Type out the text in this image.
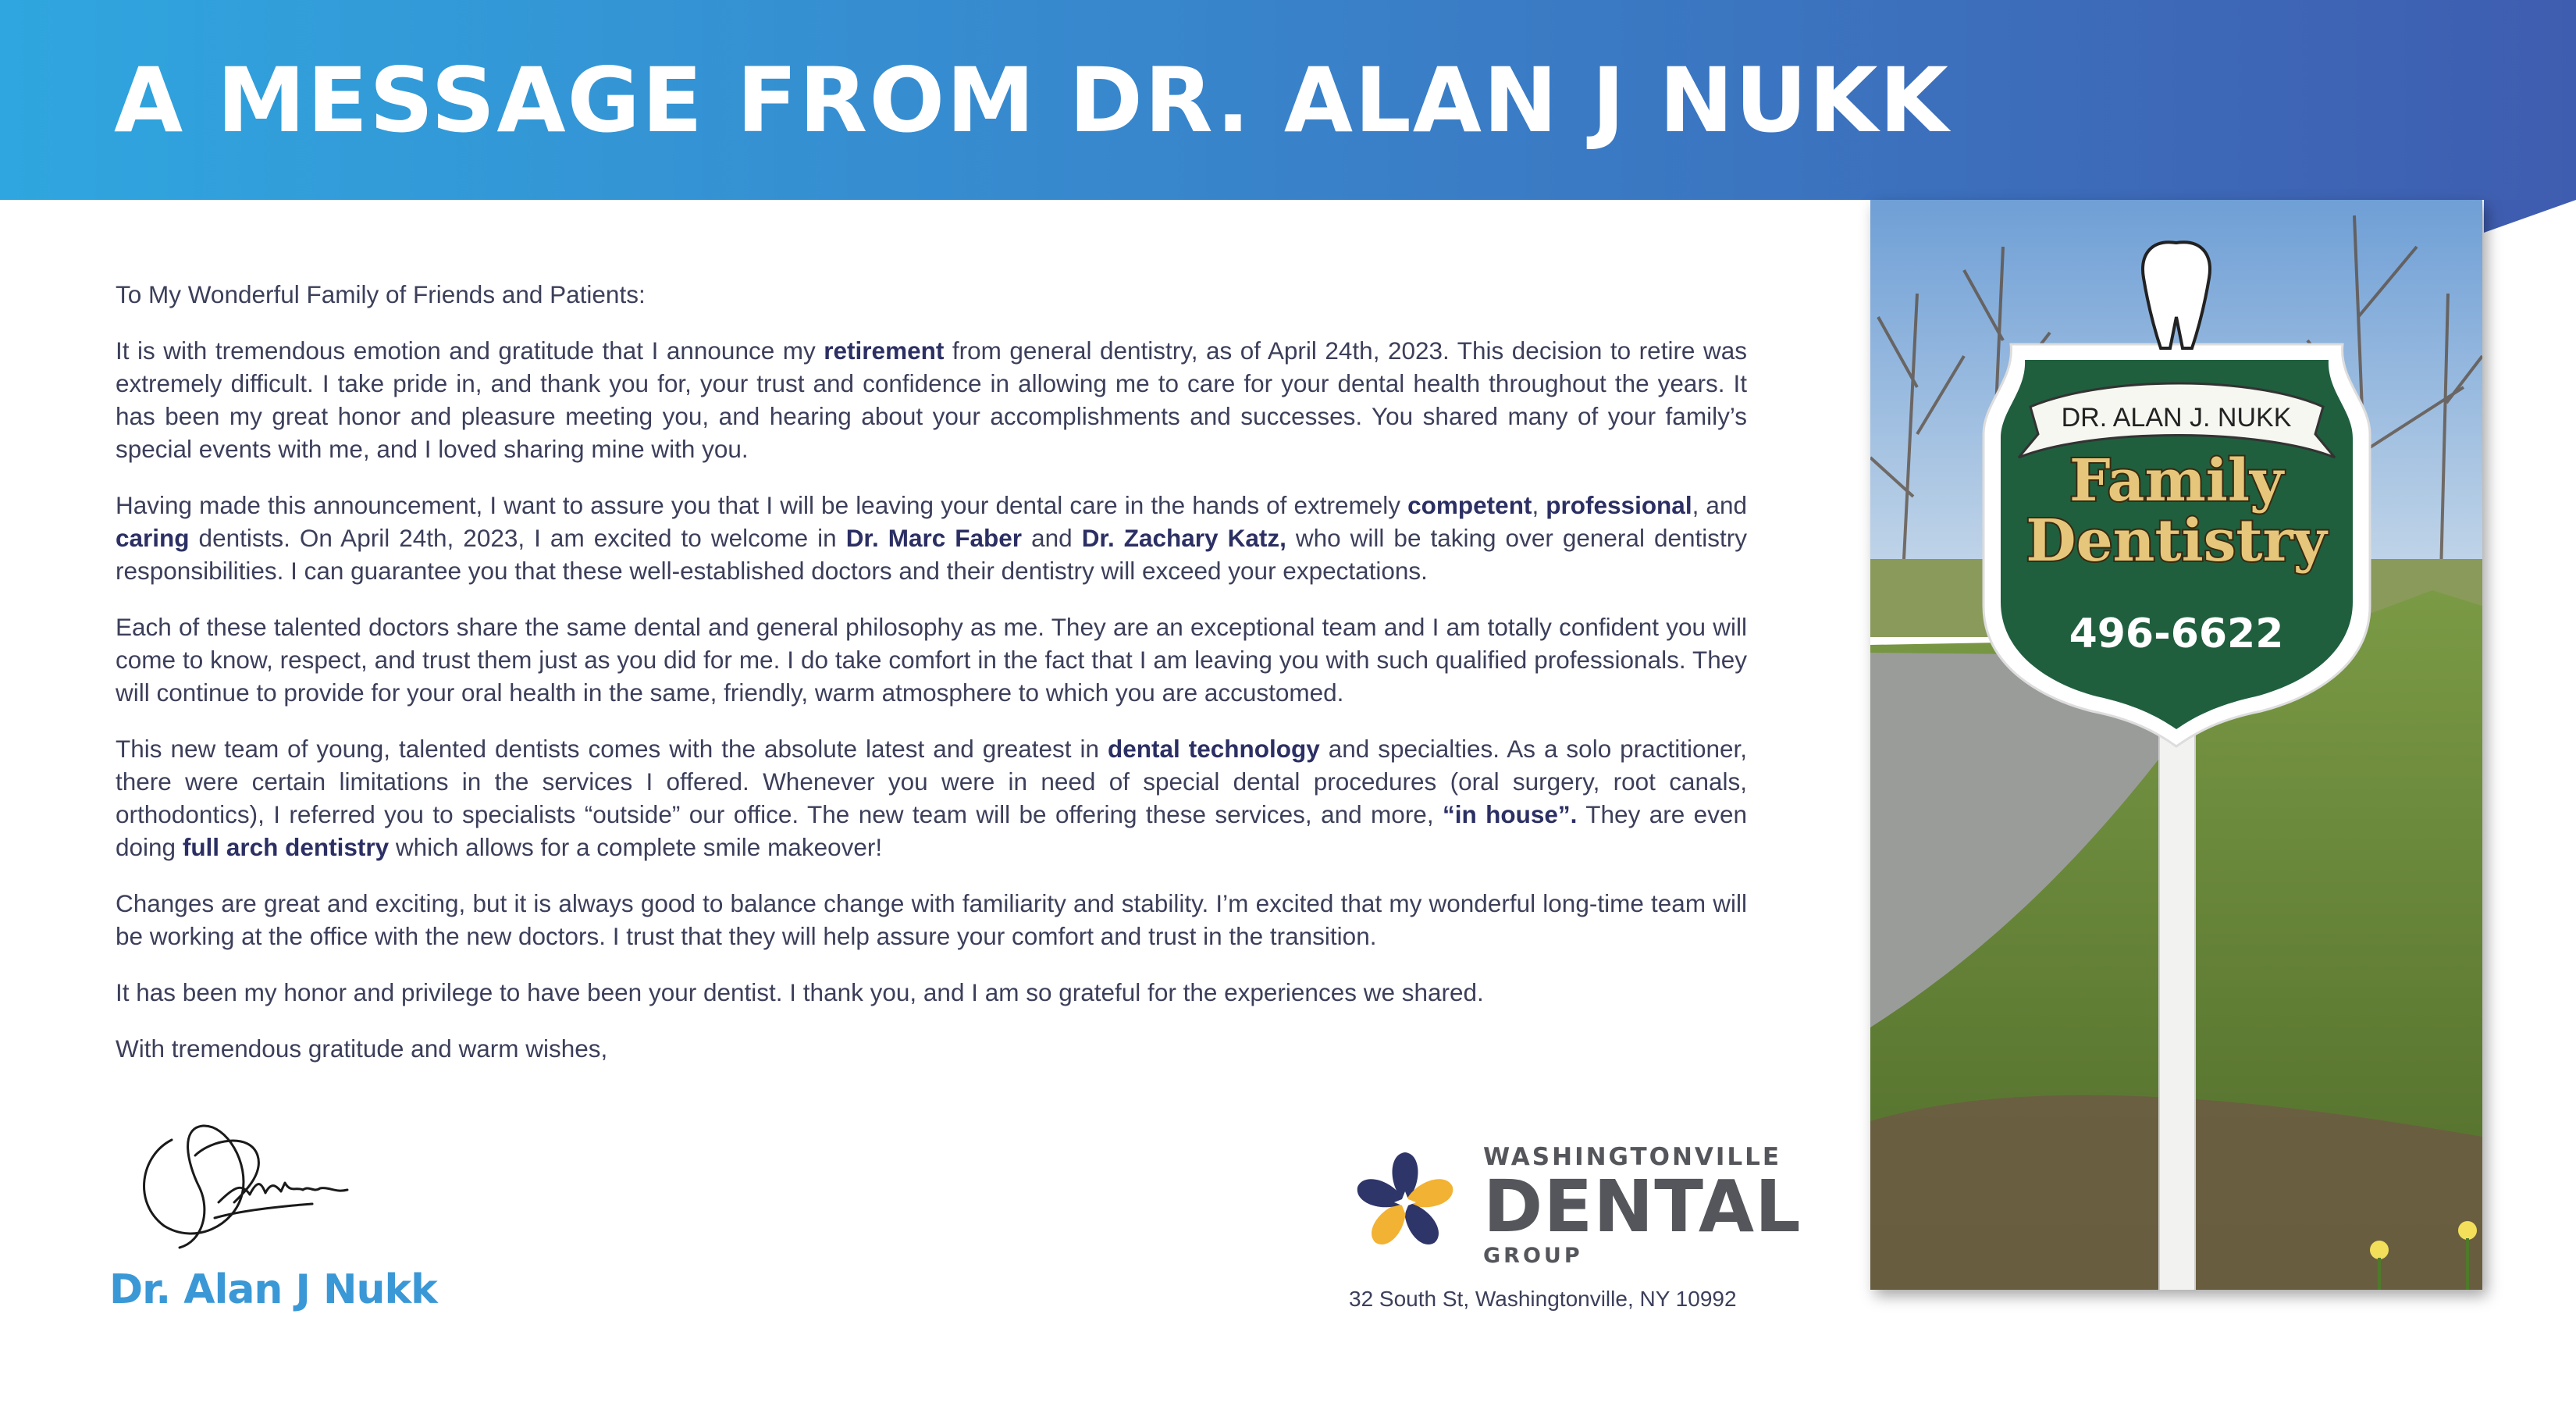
A MESSAGE FROM DR. ALAN J NUKK

To My Wonderful Family of Friends and Patients:

It is with tremendous emotion and gratitude that I announce my retirement from general dentistry, as of April 24th, 2023. This decision to retire was extremely difficult. I take pride in, and thank you for, your trust and confidence in allowing me to care for your dental health throughout the years. It has been my great honor and pleasure meeting you, and hearing about your accomplishments and successes. You shared many of your family’s special events with me, and I loved sharing mine with you.

Having made this announcement, I want to assure you that I will be leaving your dental care in the hands of extremely competent, professional, and caring dentists. On April 24th, 2023, I am excited to welcome in Dr. Marc Faber and Dr. Zachary Katz, who will be taking over general dentistry responsibilities. I can guarantee you that these well-established doctors and their dentistry will exceed your expectations.

Each of these talented doctors share the same dental and general philosophy as me. They are an exceptional team and I am totally confident you will come to know, respect, and trust them just as you did for me. I do take comfort in the fact that I am leaving you with such qualified professionals. They will continue to provide for your oral health in the same, friendly, warm atmosphere to which you are accustomed.

This new team of young, talented dentists comes with the absolute latest and greatest in dental technology and specialties. As a solo practitioner, there were certain limitations in the services I offered. Whenever you were in need of special dental procedures (oral surgery, root canals, orthodontics), I referred you to specialists “outside” our office. The new team will be offering these services, and more, “in house”. They are even doing full arch dentistry which allows for a complete smile makeover!

Changes are great and exciting, but it is always good to balance change with familiarity and stability. I’m excited that my wonderful long-time team will be working at the office with the new doctors. I trust that they will help assure your comfort and trust in the transition.

It has been my honor and privilege to have been your dentist. I thank you, and I am so grateful for the experiences we shared.

With tremendous gratitude and warm wishes,

Dr. Alan J Nukk
WASHINGTONVILLE
DENTAL
GROUP
32 South St, Washingtonville, NY 10992
DR. ALAN J. NUKK
Family
Dentistry
496-6622
